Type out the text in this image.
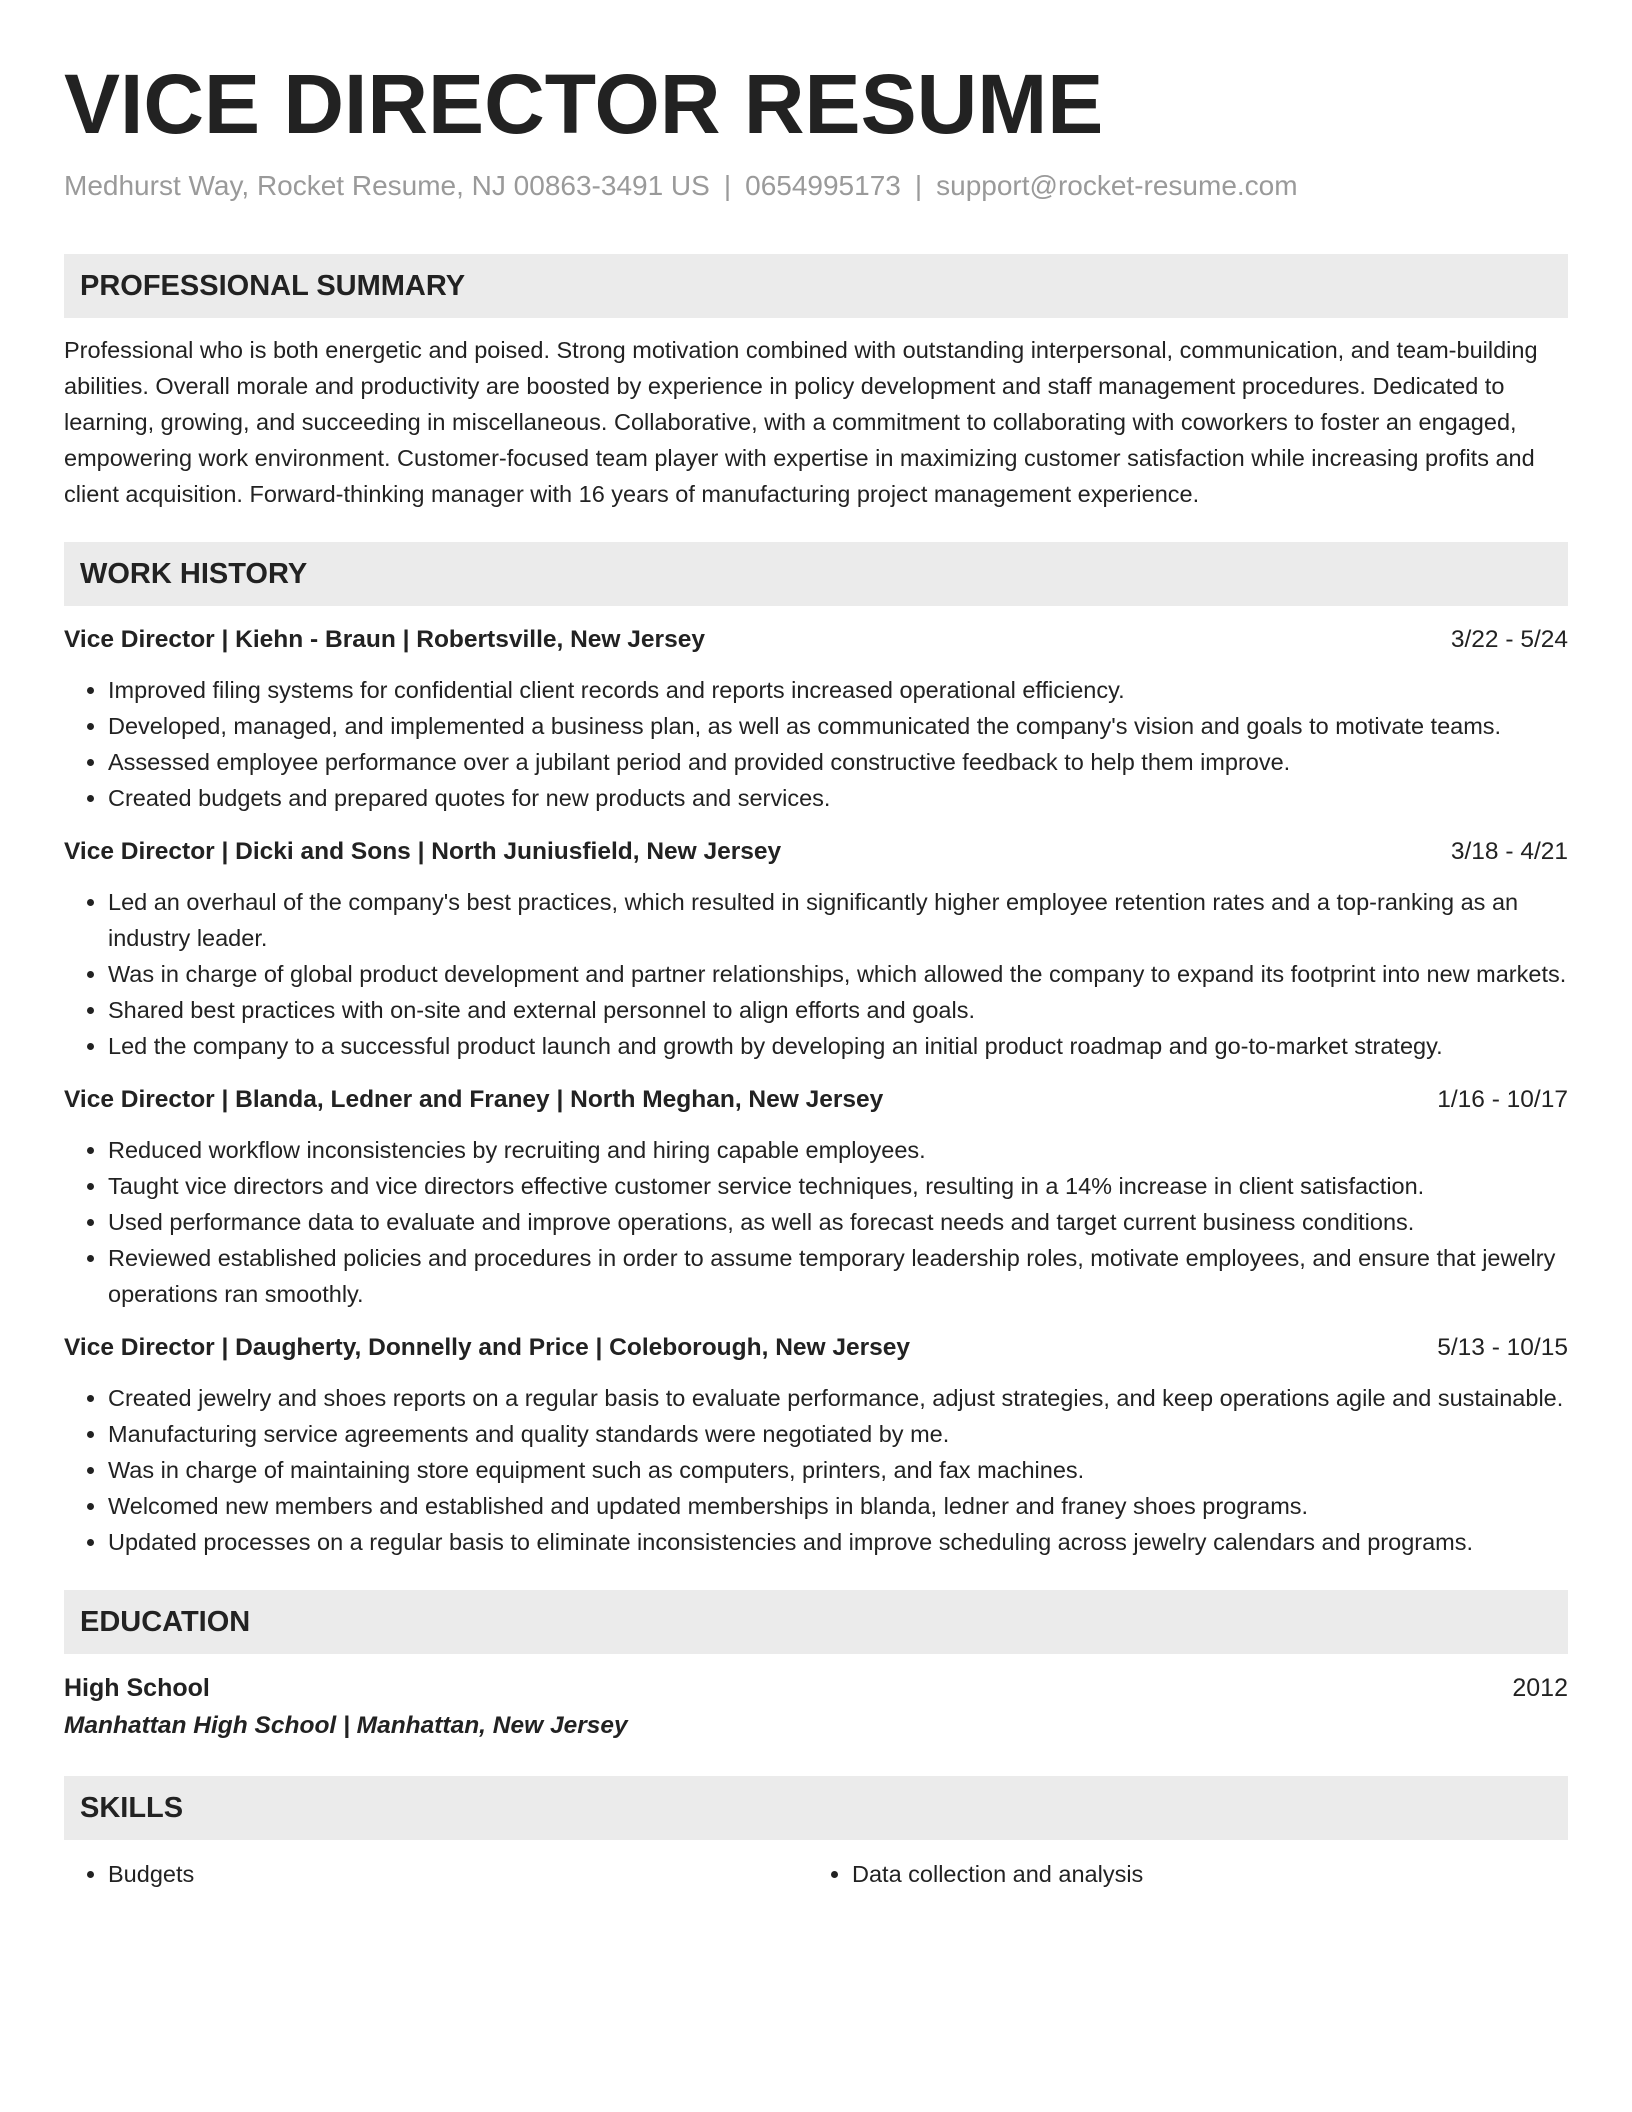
VICE DIRECTOR RESUME
Medhurst Way, Rocket Resume, NJ 00863-3491 US | 0654995173 | support@rocket-resume.com
PROFESSIONAL SUMMARY

Professional who is both energetic and poised. Strong motivation combined with outstanding interpersonal, communication, and team-building abilities. Overall morale and productivity are boosted by experience in policy development and staff management procedures. Dedicated to learning, growing, and succeeding in miscellaneous. Collaborative, with a commitment to collaborating with coworkers to foster an engaged, empowering work environment. Customer-focused team player with expertise in maximizing customer satisfaction while increasing profits and client acquisition. Forward-thinking manager with 16 years of manufacturing project management experience.

WORK HISTORY
Vice Director | Kiehn - Braun | Robertsville, New Jersey	3/22 - 5/24
• Improved filing systems for confidential client records and reports increased operational efficiency.
• Developed, managed, and implemented a business plan, as well as communicated the company's vision and goals to motivate teams.
• Assessed employee performance over a jubilant period and provided constructive feedback to help them improve.
• Created budgets and prepared quotes for new products and services.
Vice Director | Dicki and Sons | North Juniusfield, New Jersey	3/18 - 4/21
• Led an overhaul of the company's best practices, which resulted in significantly higher employee retention rates and a top-ranking as an industry leader.
• Was in charge of global product development and partner relationships, which allowed the company to expand its footprint into new markets.
• Shared best practices with on-site and external personnel to align efforts and goals.
• Led the company to a successful product launch and growth by developing an initial product roadmap and go-to-market strategy.
Vice Director | Blanda, Ledner and Franey | North Meghan, New Jersey	1/16 - 10/17
• Reduced workflow inconsistencies by recruiting and hiring capable employees.
• Taught vice directors and vice directors effective customer service techniques, resulting in a 14% increase in client satisfaction.
• Used performance data to evaluate and improve operations, as well as forecast needs and target current business conditions.
• Reviewed established policies and procedures in order to assume temporary leadership roles, motivate employees, and ensure that jewelry operations ran smoothly.
Vice Director | Daugherty, Donnelly and Price | Coleborough, New Jersey	5/13 - 10/15
• Created jewelry and shoes reports on a regular basis to evaluate performance, adjust strategies, and keep operations agile and sustainable.
• Manufacturing service agreements and quality standards were negotiated by me.
• Was in charge of maintaining store equipment such as computers, printers, and fax machines.
• Welcomed new members and established and updated memberships in blanda, ledner and franey shoes programs.
• Updated processes on a regular basis to eliminate inconsistencies and improve scheduling across jewelry calendars and programs.
EDUCATION
High School	2012
Manhattan High School | Manhattan, New Jersey
SKILLS
• Budgets
•	Data collection and analysis
